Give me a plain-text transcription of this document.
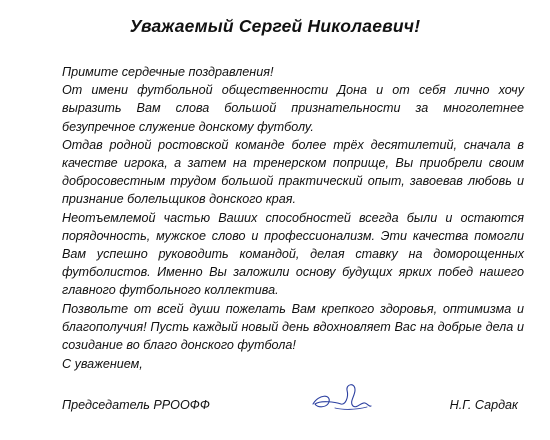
Уважаемый Сергей Николаевич!

Примите сердечные поздравления!

От имени футбольной общественности Дона и от себя лично хочу выразить Вам слова большой признательности за многолетнее безупречное служение донскому футболу.

Отдав родной ростовской команде более трёх десятилетий, сначала в качестве игрока, а затем на тренерском поприще, Вы приобрели своим добросовестным трудом большой практический опыт, завоевав любовь и признание болельщиков донского края.

Неотъемлемой частью Ваших способностей всегда были и остаются порядочность, мужское слово и профессионализм. Эти качества помогли Вам успешно руководить командой, делая ставку на доморощенных футболистов. Именно Вы заложили основу будущих ярких побед нашего главного футбольного коллектива.

Позвольте от всей души пожелать Вам крепкого здоровья, оптимизма и благополучия! Пусть каждый новый день вдохновляет Вас на добрые дела и созидание во благо донского футбола!

С уважением,
Председатель РРООФФ	Н.Г. Сардак
